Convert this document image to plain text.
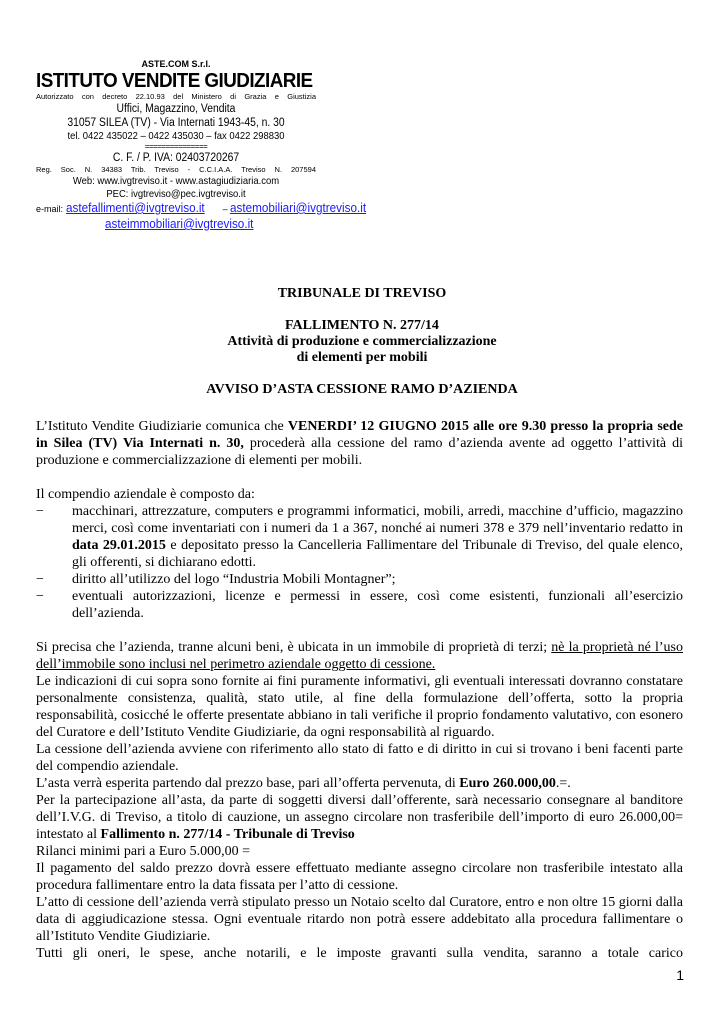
ASTE.COM S.r.l.
ISTITUTO VENDITE GIUDIZIARIE
Autorizzato con decreto 22.10.93 del Ministero di Grazia e Giustizia
Uffici, Magazzino, Vendita
31057 SILEA (TV) - Via Internati 1943-45, n. 30
tel. 0422 435022 – 0422 435030 – fax 0422 298830
===============
C. F. / P. IVA: 02403720267
Reg. Soc. N. 34383 Trib. Treviso - C.C.I.A.A. Treviso N. 207594
Web: www.ivgtreviso.it - www.astagiudiziaria.com
PEC: ivgtreviso@pec.ivgtreviso.it
e-mail: astefallimenti@ivgtreviso.it – astemobiliari@ivgtreviso.it
asteimmobiliari@ivgtreviso.it
TRIBUNALE DI TREVISO
FALLIMENTO N. 277/14
Attività di produzione e commercializzazione
di elementi per mobili
AVVISO D’ASTA CESSIONE RAMO D’AZIENDA

L’Istituto Vendite Giudiziarie comunica che VENERDI’ 12 GIUGNO 2015 alle ore 9.30 presso la propria sede in Silea (TV) Via Internati n. 30, procederà alla cessione del ramo d’azienda avente ad oggetto l’attività di produzione e commercializzazione di elementi per mobili.

Il compendio aziendale è composto da:

− macchinari, attrezzature, computers e programmi informatici, mobili, arredi, macchine d’ufficio, magazzino merci, così come inventariati con i numeri da 1 a 367, nonché ai numeri 378 e 379 nell’inventario redatto in data 29.01.2015 e depositato presso la Cancelleria Fallimentare del Tribunale di Treviso, del quale elenco, gli offerenti, si dichiarano edotti.
− diritto all’utilizzo del logo “Industria Mobili Montagner”;
− eventuali autorizzazioni, licenze e permessi in essere, così come esistenti, funzionali all’esercizio dell’azienda.

Si precisa che l’azienda, tranne alcuni beni, è ubicata in un immobile di proprietà di terzi; nè la proprietà né l’uso dell’immobile sono inclusi nel perimetro aziendale oggetto di cessione.

Le indicazioni di cui sopra sono fornite ai fini puramente informativi, gli eventuali interessati dovranno constatare personalmente consistenza, qualità, stato utile, al fine della formulazione dell’offerta, sotto la propria responsabilità, cosicché le offerte presentate abbiano in tali verifiche il proprio fondamento valutativo, con esonero del Curatore e dell’Istituto Vendite Giudiziarie, da ogni responsabilità al riguardo.

La cessione dell’azienda avviene con riferimento allo stato di fatto e di diritto in cui si trovano i beni facenti parte del compendio aziendale.

L’asta verrà esperita partendo dal prezzo base, pari all’offerta pervenuta, di Euro 260.000,00.=.

Per la partecipazione all’asta, da parte di soggetti diversi dall’offerente, sarà necessario consegnare al banditore dell’I.V.G. di Treviso, a titolo di cauzione, un assegno circolare non trasferibile dell’importo di euro 26.000,00= intestato al Fallimento n. 277/14 - Tribunale di Treviso

Rilanci minimi pari a Euro 5.000,00 =

Il pagamento del saldo prezzo dovrà essere effettuato mediante assegno circolare non trasferibile intestato alla procedura fallimentare entro la data fissata per l’atto di cessione.

L’atto di cessione dell’azienda verrà stipulato presso un Notaio scelto dal Curatore, entro e non oltre 15 giorni dalla data di aggiudicazione stessa. Ogni eventuale ritardo non potrà essere addebitato alla procedura fallimentare o all’Istituto Vendite Giudiziarie.

Tutti gli oneri, le spese, anche notarili, e le imposte gravanti sulla vendita, saranno a totale carico

1
